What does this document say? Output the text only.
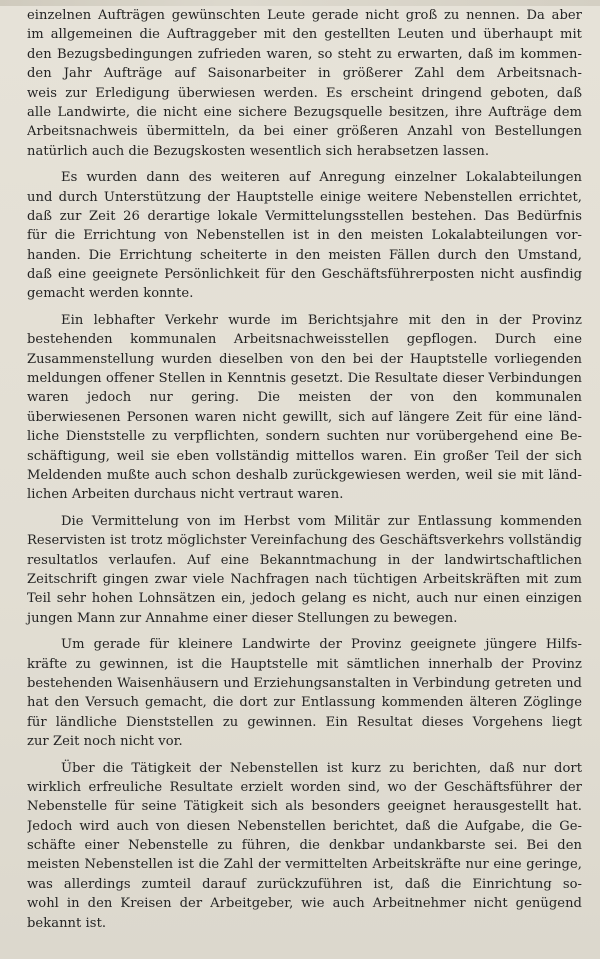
einzelnen Aufträgen gewünschten Leute gerade nicht groß zu nennen. Da aber
im allgemeinen die Auftraggeber mit den gestellten Leuten und überhaupt mit
den Bezugsbedingungen zufrieden waren, so steht zu erwarten, daß im kommen-
den Jahr Aufträge auf Saisonarbeiter in größerer Zahl dem Arbeitsnach-
weis zur Erledigung überwiesen werden. Es erscheint dringend geboten, daß
alle Landwirte, die nicht eine sichere Bezugsquelle besitzen, ihre Aufträge dem
Arbeitsnachweis übermitteln, da bei einer größeren Anzahl von Bestellungen
natürlich auch die Bezugskosten wesentlich sich herabsetzen lassen.

Es wurden dann des weiteren auf Anregung einzelner Lokalabteilungen
und durch Unterstützung der Hauptstelle einige weitere Nebenstellen errichtet,
daß zur Zeit 26 derartige lokale Vermittelungsstellen bestehen. Das Bedürfnis
für die Errichtung von Nebenstellen ist in den meisten Lokalabteilungen vor-
handen. Die Errichtung scheiterte in den meisten Fällen durch den Umstand,
daß eine geeignete Persönlichkeit für den Geschäftsführerposten nicht ausfindig
gemacht werden konnte.

Ein lebhafter Verkehr wurde im Berichtsjahre mit den in der Provinz
bestehenden kommunalen Arbeitsnachweisstellen gepflogen. Durch eine
Zusammenstellung wurden dieselben von den bei der Hauptstelle vorliegenden
meldungen offener Stellen in Kenntnis gesetzt. Die Resultate dieser Verbindungen
waren jedoch nur gering. Die meisten der von den kommunalen
überwiesenen Personen waren nicht gewillt, sich auf längere Zeit für eine länd-
liche Dienststelle zu verpflichten, sondern suchten nur vorübergehend eine Be-
schäftigung, weil sie eben vollständig mittellos waren. Ein großer Teil der sich
Meldenden mußte auch schon deshalb zurückgewiesen werden, weil sie mit länd-
lichen Arbeiten durchaus nicht vertraut waren.

Die Vermittelung von im Herbst vom Militär zur Entlassung kommenden
Reservisten ist trotz möglichster Vereinfachung des Geschäftsverkehrs vollständig
resultatlos verlaufen. Auf eine Bekanntmachung in der landwirtschaftlichen
Zeitschrift gingen zwar viele Nachfragen nach tüchtigen Arbeitskräften mit zum
Teil sehr hohen Lohnsätzen ein, jedoch gelang es nicht, auch nur einen einzigen
jungen Mann zur Annahme einer dieser Stellungen zu bewegen.

Um gerade für kleinere Landwirte der Provinz geeignete jüngere Hilfs-
kräfte zu gewinnen, ist die Hauptstelle mit sämtlichen innerhalb der Provinz
bestehenden Waisenhäusern und Erziehungsanstalten in Verbindung getreten und
hat den Versuch gemacht, die dort zur Entlassung kommenden älteren Zöglinge
für ländliche Dienststellen zu gewinnen. Ein Resultat dieses Vorgehens liegt
zur Zeit noch nicht vor.

Über die Tätigkeit der Nebenstellen ist kurz zu berichten, daß nur dort
wirklich erfreuliche Resultate erzielt worden sind, wo der Geschäftsführer der
Nebenstelle für seine Tätigkeit sich als besonders geeignet herausgestellt hat.
Jedoch wird auch von diesen Nebenstellen berichtet, daß die Aufgabe, die Ge-
schäfte einer Nebenstelle zu führen, die denkbar undankbarste sei. Bei den
meisten Nebenstellen ist die Zahl der vermittelten Arbeitskräfte nur eine geringe,
was allerdings zumteil darauf zurückzuführen ist, daß die Einrichtung so-
wohl in den Kreisen der Arbeitgeber, wie auch Arbeitnehmer nicht genügend
bekannt ist.
